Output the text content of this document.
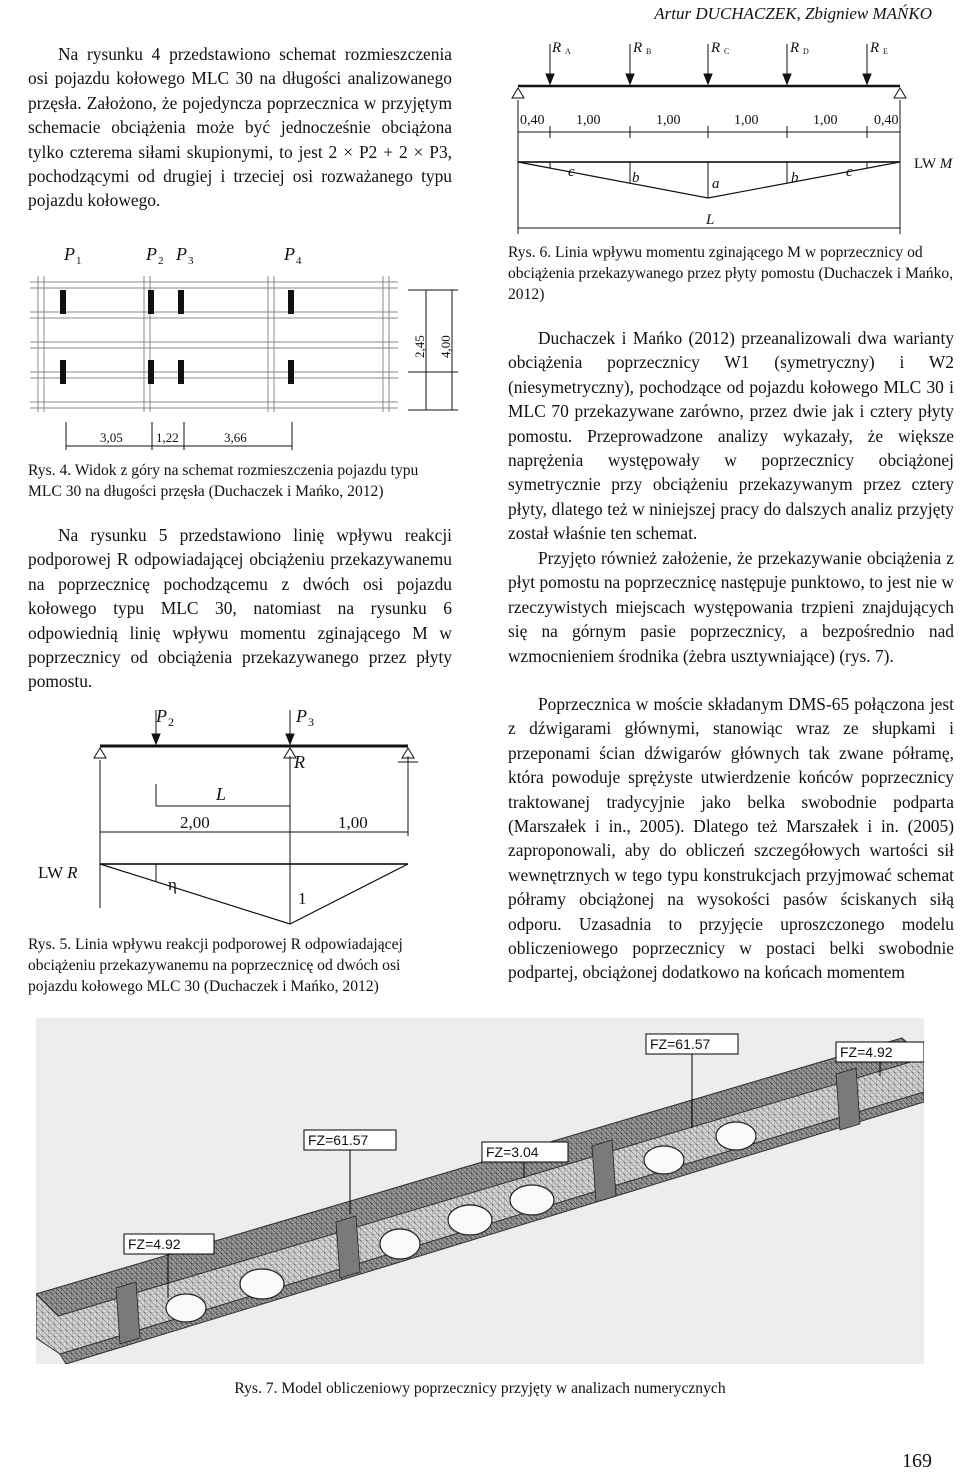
Artur DUCHACZEK, Zbigniew MAŃKO

Na rysunku 4 przedstawiono schemat rozmieszczenia osi pojazdu kołowego MLC 30 na długości analizowanego przęsła. Założono, że pojedyncza poprzecznica w przyjętym schemacie obciążenia może być jednocześnie obciążona tylko czterema siłami skupionymi, to jest 2 × P2 + 2 × P3, pochodzącymi od drugiej i trzeciej osi rozważanego typu pojazdu kołowego.

P 1	P 2 P 3	P 4
2,45 4,00
3,05	1,22	3,66

Rys. 4. Widok z góry na schemat rozmieszczenia pojazdu typu MLC 30 na długości przęsła (Duchaczek i Mańko, 2012)

Na rysunku 5 przedstawiono linię wpływu reakcji podporowej R odpowiadającej obciążeniu przekazywanemu na poprzecznicę pochodzącemu z dwóch osi pojazdu kołowego typu MLC 30, natomiast na rysunku 6 odpowiednią linię wpływu momentu zginającego M w poprzecznicy od obciążenia przekazywanego przez płyty pomostu.

P 2	P 3
L
R
2,00	1,00
η
1
LW R

Rys. 5. Linia wpływu reakcji podporowej R odpowiadającej obciążeniu przekazywanemu na poprzecznicę od dwóch osi pojazdu kołowego MLC 30 (Duchaczek i Mańko, 2012)

R A	R B	R C	R D	R E
0,40 1,00	1,00	1,00	1,00	0,40
c	b	a	b	c	LW M
L

Rys. 6. Linia wpływu momentu zginającego M w poprzecznicy od obciążenia przekazywanego przez płyty pomostu (Duchaczek i Mańko, 2012)

Duchaczek i Mańko (2012) przeanalizowali dwa warianty obciążenia poprzecznicy W1 (symetryczny) i W2 (niesymetryczny), pochodzące od pojazdu kołowego MLC 30 i MLC 70 przekazywane zarówno, przez dwie jak i cztery płyty pomostu. Przeprowadzone analizy wykazały, że większe naprężenia występowały w poprzecznicy obciążonej symetrycznie przy obciążeniu przekazywanym przez cztery płyty, dlatego też w niniejszej pracy do dalszych analiz przyjęty został właśnie ten schemat.

Przyjęto również założenie, że przekazywanie obciążenia z płyt pomostu na poprzecznicę następuje punktowo, to jest nie w rzeczywistych miejscach występowania trzpieni znajdujących się na górnym pasie poprzecznicy, a bezpośrednio nad wzmocnieniem środnika (żebra usztywniające) (rys. 7).

Poprzecznica w moście składanym DMS-65 połączona jest z dźwigarami głównymi, stanowiąc wraz ze słupkami i przeponami ścian dźwigarów głównych tak zwane półramę, która powoduje sprężyste utwierdzenie końców poprzecznicy traktowanej tradycyjnie jako belka swobodnie podparta (Marszałek i in., 2005). Dlatego też Marszałek i in. (2005) zaproponowali, aby do obliczeń szczegółowych wartości sił wewnętrznych w tego typu konstrukcjach przyjmować schemat półramy obciążonej na wysokości pasów ściskanych siłą odporu. Uzasadnia to przyjęcie uproszczonego modelu obliczeniowego poprzecznicy w postaci belki swobodnie podpartej, obciążonej dodatkowo na końcach momentem

FZ=61.57	FZ=4.92
FZ=61.57
FZ=3.04
FZ=4.92

Rys. 7. Model obliczeniowy poprzecznicy przyjęty w analizach numerycznych

169
